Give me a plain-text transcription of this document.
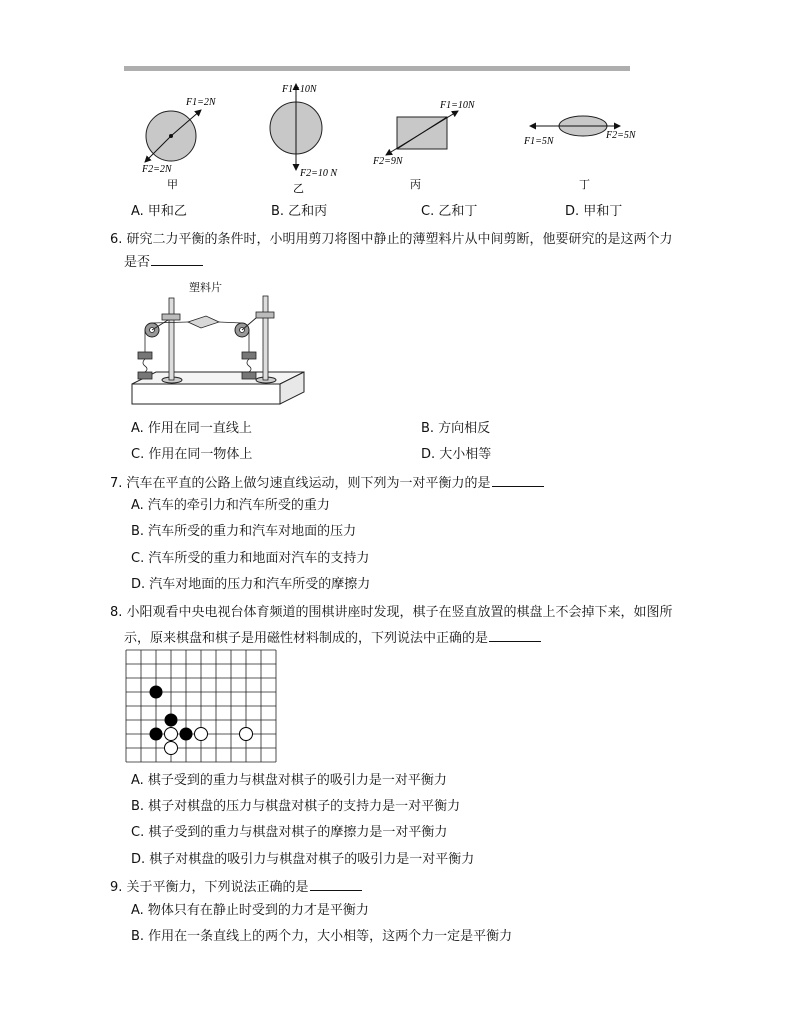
F1=2N
F2=2N
甲
F1=10N
F2=10 N
乙
F1=10N
F2=9N
丙
F1=5N
F2=5N
丁
A. 甲和乙	B. 乙和丙	C. 乙和丁	D. 甲和丁
6. 研究二力平衡的条件时，小明用剪刀将图中静止的薄塑料片从中间剪断，他要研究的是这两个力
是否
塑料片
A. 作用在同一直线上	B. 方向相反
C. 作用在同一物体上	D. 大小相等
7. 汽车在平直的公路上做匀速直线运动，则下列为一对平衡力的是
A. 汽车的牵引力和汽车所受的重力
B. 汽车所受的重力和汽车对地面的压力
C. 汽车所受的重力和地面对汽车的支持力
D. 汽车对地面的压力和汽车所受的摩擦力
8. 小阳观看中央电视台体育频道的围棋讲座时发现，棋子在竖直放置的棋盘上不会掉下来，如图所
示，原来棋盘和棋子是用磁性材料制成的，下列说法中正确的是
A. 棋子受到的重力与棋盘对棋子的吸引力是一对平衡力
B. 棋子对棋盘的压力与棋盘对棋子的支持力是一对平衡力
C. 棋子受到的重力与棋盘对棋子的摩擦力是一对平衡力
D. 棋子对棋盘的吸引力与棋盘对棋子的吸引力是一对平衡力
9. 关于平衡力，下列说法正确的是
A. 物体只有在静止时受到的力才是平衡力
B. 作用在一条直线上的两个力，大小相等，这两个力一定是平衡力
